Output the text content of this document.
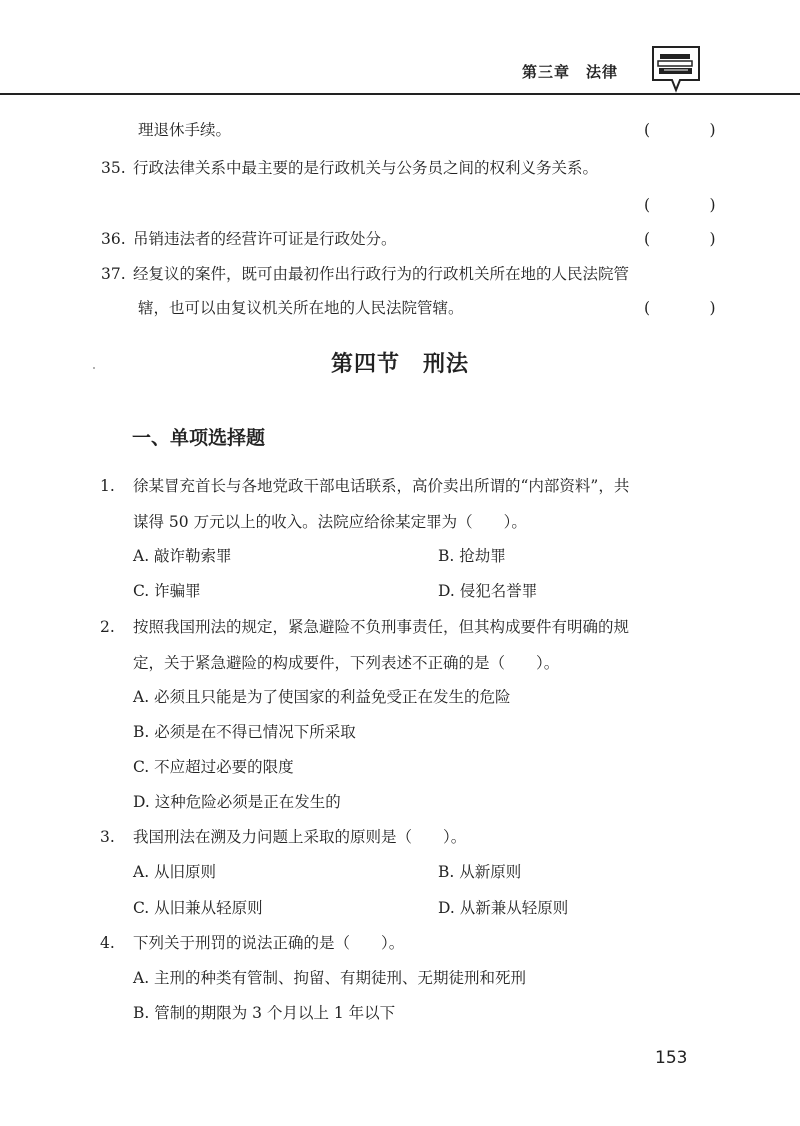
第三章　法律
理退休手续。	(　)
35. 行政法律关系中最主要的是行政机关与公务员之间的权利义务关系。
(　)
36. 吊销违法者的经营许可证是行政处分。	(　)
37. 经复议的案件，既可由最初作出行政行为的行政机关所在地的人民法院管
辖，也可以由复议机关所在地的人民法院管辖。	(　)
第四节　刑法
一、单项选择题
1. 徐某冒充首长与各地党政干部电话联系，高价卖出所谓的“内部资料”，共
谋得 50 万元以上的收入。法院应给徐某定罪为（　　）。
A. 敲诈勒索罪	B. 抢劫罪
C. 诈骗罪	D. 侵犯名誉罪
2. 按照我国刑法的规定，紧急避险不负刑事责任，但其构成要件有明确的规
定，关于紧急避险的构成要件，下列表述不正确的是（　　）。
A. 必须且只能是为了使国家的利益免受正在发生的危险
B. 必须是在不得已情况下所采取
C. 不应超过必要的限度
D. 这种危险必须是正在发生的
3. 我国刑法在溯及力问题上采取的原则是（　　）。
A. 从旧原则	B. 从新原则
C. 从旧兼从轻原则	D. 从新兼从轻原则
4. 下列关于刑罚的说法正确的是（　　）。
A. 主刑的种类有管制、拘留、有期徒刑、无期徒刑和死刑
B. 管制的期限为 3 个月以上 1 年以下
153
